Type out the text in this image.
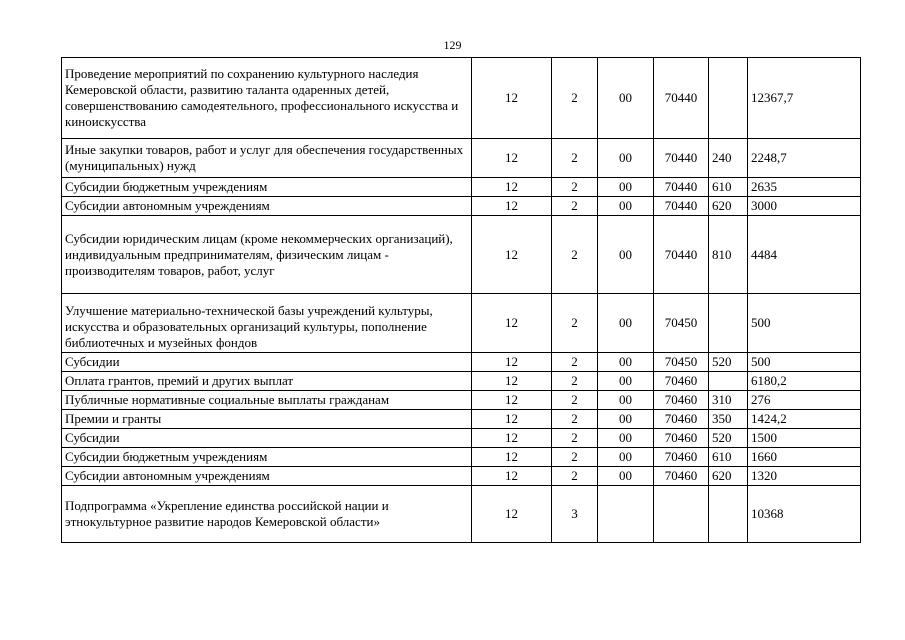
129
Проведение мероприятий по сохранению культурного наследия Кемеровской области, развитию таланта одаренных детей, совершенствованию самодеятельного, профессионального искусства и киноискусства	12	2	00	70440		12367,7
Иные закупки товаров, работ и услуг для обеспечения государственных (муниципальных) нужд	12	2	00	70440	240	2248,7
Субсидии бюджетным учреждениям	12	2	00	70440	610	2635
Субсидии автономным учреждениям	12	2	00	70440	620	3000
Субсидии юридическим лицам (кроме некоммерческих организаций), индивидуальным предпринимателям, физическим лицам - производителям товаров, работ, услуг	12	2	00	70440	810	4484
Улучшение материально-технической базы учреждений культуры, искусства и образовательных организаций культуры, пополнение библиотечных и музейных фондов	12	2	00	70450		500
Субсидии	12	2	00	70450	520	500
Оплата грантов, премий и других выплат	12	2	00	70460		6180,2
Публичные нормативные социальные выплаты гражданам	12	2	00	70460	310	276
Премии и гранты	12	2	00	70460	350	1424,2
Субсидии	12	2	00	70460	520	1500
Субсидии бюджетным учреждениям	12	2	00	70460	610	1660
Субсидии автономным учреждениям	12	2	00	70460	620	1320
Подпрограмма «Укрепление единства российской нации и этнокультурное развитие народов Кемеровской области»	12	3				10368
